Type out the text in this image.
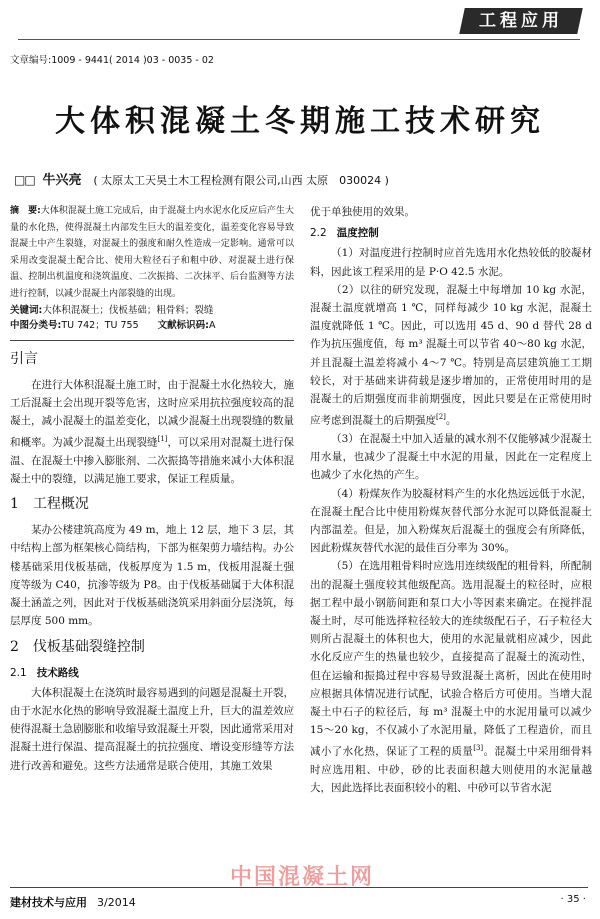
工程应用
文章编号:1009 - 9441( 2014 )03 - 0035 - 02
大体积混凝土冬期施工技术研究
□□ 牛兴亮 ( 太原太工天昊土木工程检测有限公司,山西 太原　030024 )

摘　要:大体积混凝土施工完成后，由于混凝土内水泥水化反应后产生大量的水化热，使得混凝土内部发生巨大的温差变化，温差变化容易导致混凝土中产生裂缝，对混凝土的强度和耐久性造成一定影响。通常可以采用改变混凝土配合比、使用大粒径石子和粗中砂、对混凝土进行保温、控制出机温度和浇筑温度、二次振捣、二次抹平、后台监测等方法进行控制，以减少混凝土内部裂缝的出现。

关键词:大体积混凝土；伐板基础；粗骨料；裂缝

中图分类号:TU 742；TU 755　　 文献标识码:A

引言

在进行大体积混凝土施工时，由于混凝土水化热较大，施工后混凝土会出现开裂等危害，这时应采用抗拉强度较高的混凝土，减小混凝土的温差变化，以减少混凝土出现裂缝的数量和概率。为减少混凝土出现裂缝[1]，可以采用对混凝土进行保温、在混凝土中掺入膨胀剂、二次振捣等措施来减小大体积混凝土中的裂缝，以满足施工要求，保证工程质量。

1 工程概况

某办公楼建筑高度为 49 m，地上 12 层，地下 3 层，其中结构上部为框架核心筒结构，下部为框架剪力墙结构。办公楼基础采用伐板基础，伐板厚度为 1.5 m，伐板用混凝土强度等级为 C40，抗渗等级为 P8。由于伐板基础属于大体积混凝土涵盖之列，因此对于伐板基础浇筑采用斜面分层浇筑，每层厚度 500 mm。

2 伐板基础裂缝控制
2.1 技术路线

大体积混凝土在浇筑时最容易遇到的问题是混凝土开裂，由于水泥水化热的影响导致混凝土温度上升，巨大的温差效应使得混凝土急剧膨胀和收缩导致混凝土开裂，因此通常采用对混凝土进行保温、提高混凝土的抗拉强度、增设变形缝等方法进行改善和避免。这些方法通常是联合使用，其施工效果

优于单独使用的效果。

2.2 温度控制

（1）对温度进行控制时应首先选用水化热较低的胶凝材料，因此该工程采用的是 P·O 42.5 水泥。

（2）以往的研究发现，混凝土中每增加 10 kg 水泥，混凝土温度就增高 1 ℃，同样每减少 10 kg 水泥，混凝土温度就降低 1 ℃。因此，可以选用 45 d、90 d 替代 28 d 作为抗压强度值，每 m³ 混凝土可以节省 40～80 kg 水泥，并且混凝土温差将减小 4～7 ℃。特别是高层建筑施工工期较长，对于基础来讲荷载是逐步增加的，正常使用时用的是混凝土的后期强度而非前期强度，因此只要是在正常使用时应考虑到混凝土的后期强度[2]。

（3）在混凝土中加入适量的减水剂不仅能够减少混凝土用水量，也减少了混凝土中水泥的用量，因此在一定程度上也减少了水化热的产生。

（4）粉煤灰作为胶凝材料产生的水化热远远低于水泥，在混凝土配合比中使用粉煤灰替代部分水泥可以降低混凝土内部温差。但是，加入粉煤灰后混凝土的强度会有所降低，因此粉煤灰替代水泥的最佳百分率为 30%。

（5）在选用粗骨料时应选用连续级配的粗骨料，所配制出的混凝土强度较其他级配高。选用混凝土的粒径时，应根据工程中最小钢筋间距和泵口大小等因素来确定。在搅拌混凝土时，尽可能选择粒径较大的连续级配石子，石子粒径大则所占混凝土的体积也大，使用的水泥量就相应减少，因此水化反应产生的热量也较少，直接提高了混凝土的流动性，但在运输和振捣过程中容易导致混凝土离析，因此在使用时应根据具体情况进行试配，试验合格后方可使用。当增大混凝土中石子的粒径后，每 m³ 混凝土中的水泥用量可以减少 15～20 kg，不仅减小了水泥用量，降低了工程造价，而且减小了水化热，保证了工程的质量[3]。混凝土中采用细骨料时应选用粗、中砂，砂的比表面积越大则使用的水泥量越大，因此选择比表面积较小的粗、中砂可以节省水泥

中国混凝土网
建材技术与应用 3/2014	· 35 ·
